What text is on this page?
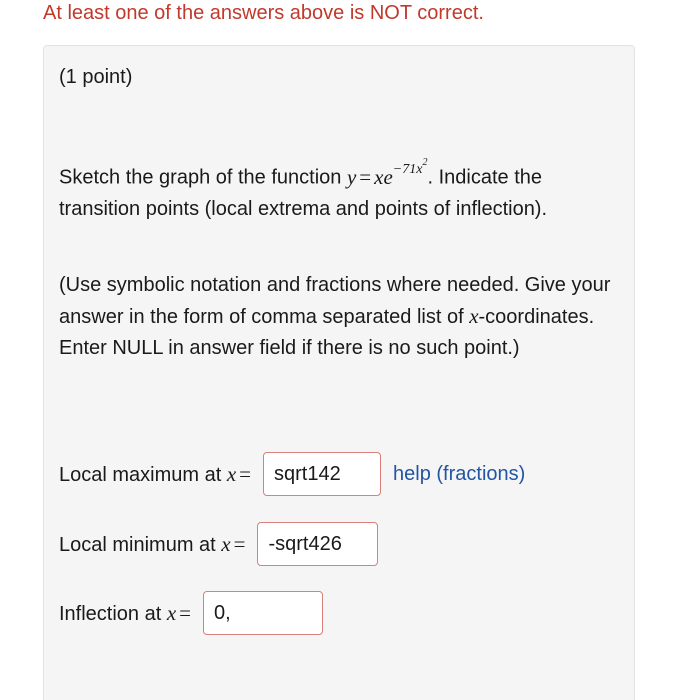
At least one of the answers above is NOT correct.
(1 point)
Sketch the graph of the function $y = xe^{-71x^2}$. Indicate the transition points (local extrema and points of inflection).
(Use symbolic notation and fractions where needed. Give your answer in the form of comma separated list of x-coordinates. Enter NULL in answer field if there is no such point.)
Local maximum at x =	sqrt142	help (fractions)
Local minimum at x =	-sqrt426
Inflection at x =	0,
